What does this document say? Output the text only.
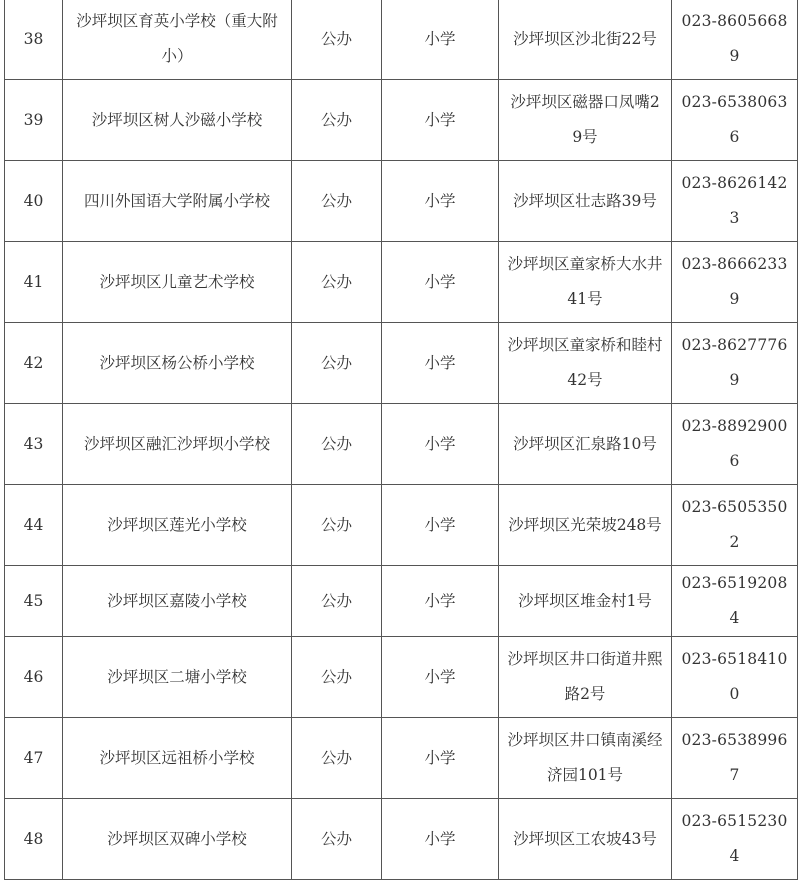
38	沙坪坝区育英小学校（重大附小）	公办	小学	沙坪坝区沙北街22号	023-86056689
39	沙坪坝区树人沙磁小学校	公办	小学	沙坪坝区磁器口凤嘴29号	023-65380636
40	四川外国语大学附属小学校	公办	小学	沙坪坝区壮志路39号	023-86261423
41	沙坪坝区儿童艺术学校	公办	小学	沙坪坝区童家桥大水井41号	023-86662339
42	沙坪坝区杨公桥小学校	公办	小学	沙坪坝区童家桥和睦村42号	023-86277769
43	沙坪坝区融汇沙坪坝小学校	公办	小学	沙坪坝区汇泉路10号	023-88929006
44	沙坪坝区莲光小学校	公办	小学	沙坪坝区光荣坡248号	023-65053502
45	沙坪坝区嘉陵小学校	公办	小学	沙坪坝区堆金村1号	023-65192084
46	沙坪坝区二塘小学校	公办	小学	沙坪坝区井口街道井熙路2号	023-65184100
47	沙坪坝区远祖桥小学校	公办	小学	沙坪坝区井口镇南溪经济园101号	023-65389967
48	沙坪坝区双碑小学校	公办	小学	沙坪坝区工农坡43号	023-65152304
